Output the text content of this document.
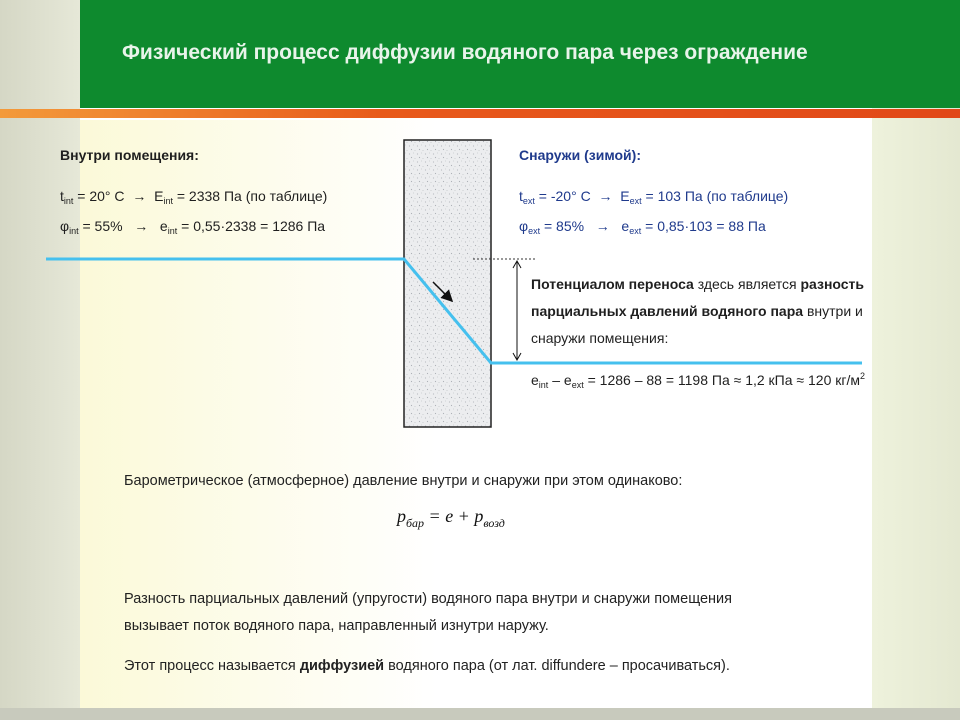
Физический процесс диффузии водяного пара через ограждение

Внутри помещения:

$t_{int} = 20^\circ$ $C \to E_{int} = 2338$ Па (по таблице)

$\varphi_{int} = 55\% \to e_{int} = 0,55\cdot 2338 = 1286$ Па

Снаружи (зимой):

$t_{ext} = -20^\circ$ $C \to E_{ext} = 103$ Па (по таблице)

$\varphi_{ext} = 85\% \to e_{ext} = 0,85\cdot 103 = 88$ Па

Потенциалом переноса здесь является разность

парциальных давлений водяного пара внутри и

снаружи помещения:

$e_{int} - e_{ext} = 1286 - 88 = 1198$ Па ≈ 1,2 кПа ≈ 120 $кг/м^2$

Барометрическое (атмосферное) давление внутри и снаружи при этом одинаково:

$p_{бар} = e + p_{возд}$

Разность парциальных давлений (упругости) водяного пара внутри и снаружи помещения

вызывает поток водяного пара, направленный изнутри наружу.

Этот процесс называется диффузией водяного пара (от лат. diffundere – просачиваться).
